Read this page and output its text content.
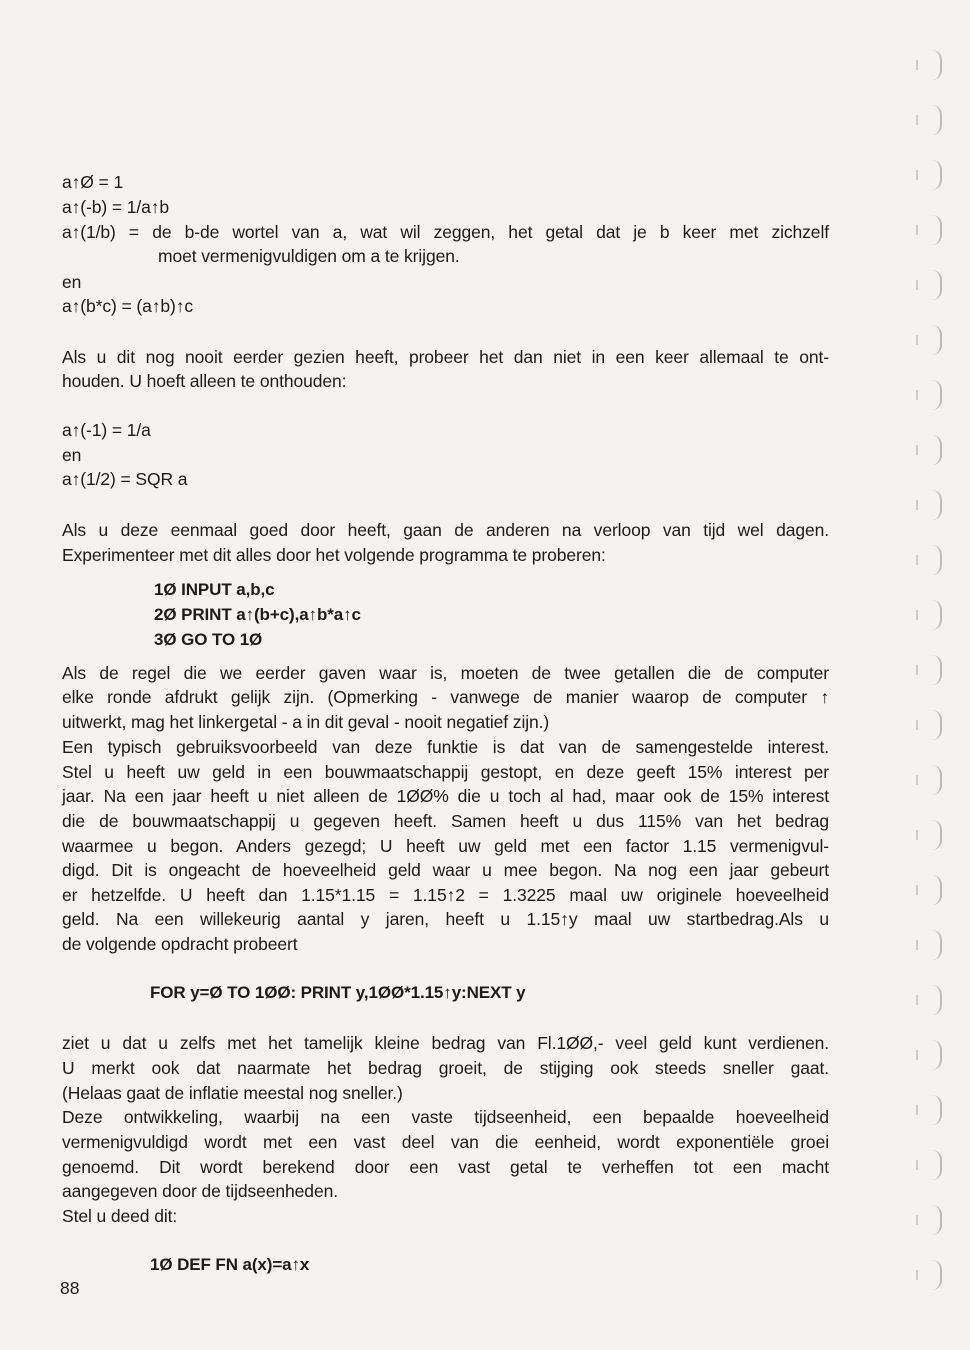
a↑Ø = 1
a↑(-b) = 1/a↑b
a↑(1/b) = de b-de wortel van a, wat wil zeggen, het getal dat je b keer met zichzelf
moet vermenigvuldigen om a te krijgen.
en
a↑(b*c) = (a↑b)↑c
Als u dit nog nooit eerder gezien heeft, probeer het dan niet in een keer allemaal te ont-
houden. U hoeft alleen te onthouden:
a↑(-1) = 1/a
en
a↑(1/2) = SQR a
Als u deze eenmaal goed door heeft, gaan de anderen na verloop van tijd wel dagen.
Experimenteer met dit alles door het volgende programma te proberen:
1Ø INPUT a,b,c
2Ø PRINT a↑(b+c),a↑b*a↑c
3Ø GO TO 1Ø
Als de regel die we eerder gaven waar is, moeten de twee getallen die de computer
elke ronde afdrukt gelijk zijn. (Opmerking - vanwege de manier waarop de computer ↑
uitwerkt, mag het linkergetal - a in dit geval - nooit negatief zijn.)
Een typisch gebruiksvoorbeeld van deze funktie is dat van de samengestelde interest.
Stel u heeft uw geld in een bouwmaatschappij gestopt, en deze geeft 15% interest per
jaar. Na een jaar heeft u niet alleen de 1ØØ% die u toch al had, maar ook de 15% interest
die de bouwmaatschappij u gegeven heeft. Samen heeft u dus 115% van het bedrag
waarmee u begon. Anders gezegd; U heeft uw geld met een factor 1.15 vermenigvul-
digd. Dit is ongeacht de hoeveelheid geld waar u mee begon. Na nog een jaar gebeurt
er hetzelfde. U heeft dan 1.15*1.15 = 1.15↑2 = 1.3225 maal uw originele hoeveelheid
geld. Na een willekeurig aantal y jaren, heeft u 1.15↑y maal uw startbedrag.Als u
de volgende opdracht probeert
FOR y=Ø TO 1ØØ: PRINT y,1ØØ*1.15↑y:NEXT y
ziet u dat u zelfs met het tamelijk kleine bedrag van Fl.1ØØ,- veel geld kunt verdienen.
U merkt ook dat naarmate het bedrag groeit, de stijging ook steeds sneller gaat.
(Helaas gaat de inflatie meestal nog sneller.)
Deze ontwikkeling, waarbij na een vaste tijdseenheid, een bepaalde hoeveelheid
vermenigvuldigd wordt met een vast deel van die eenheid, wordt exponentiële groei
genoemd. Dit wordt berekend door een vast getal te verheffen tot een macht
aangegeven door de tijdseenheden.
Stel u deed dit:
1Ø DEF FN a(x)=a↑x
88
